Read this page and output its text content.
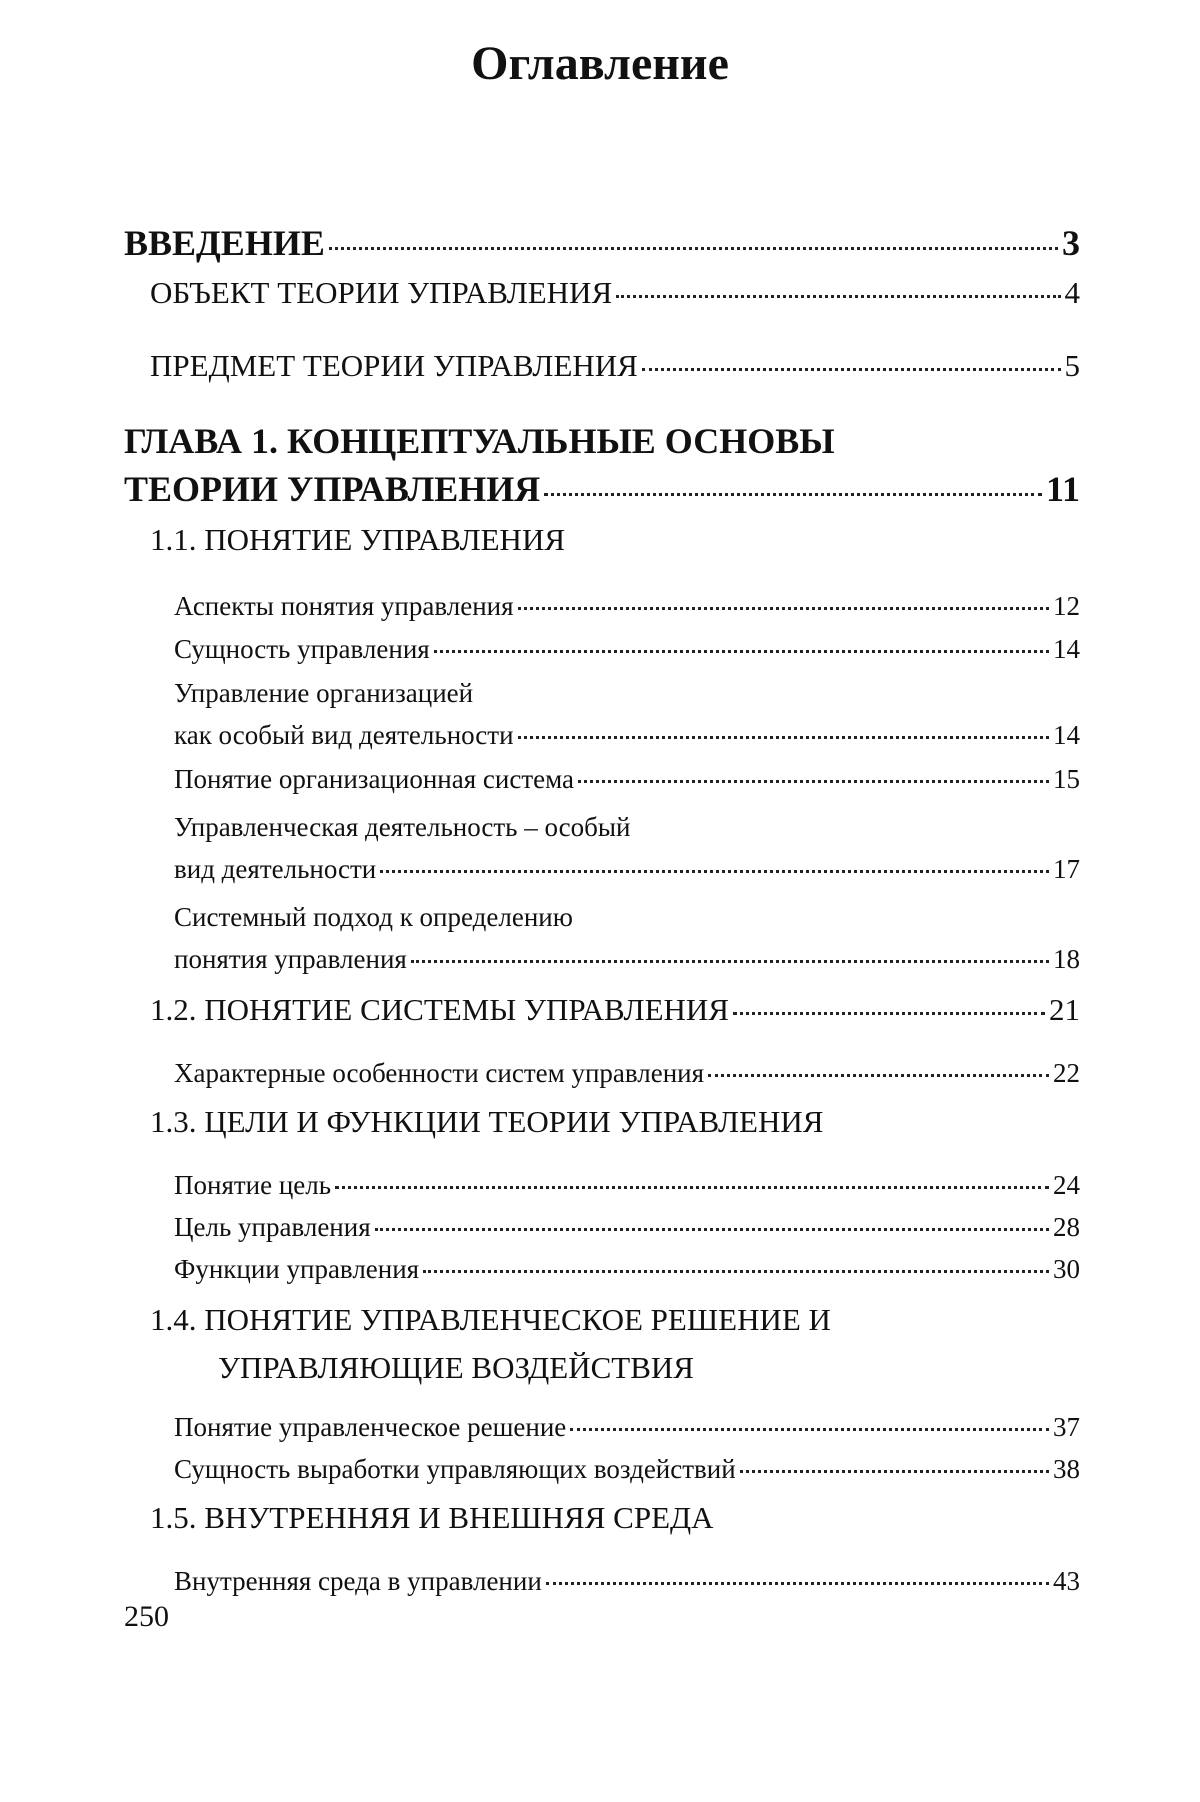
Оглавление
ВВЕДЕНИЕ	3
ОБЪЕКТ ТЕОРИИ УПРАВЛЕНИЯ	4
ПРЕДМЕТ ТЕОРИИ УПРАВЛЕНИЯ	5
ГЛАВА 1. КОНЦЕПТУАЛЬНЫЕ ОСНОВЫ
ТЕОРИИ УПРАВЛЕНИЯ	11
1.1. ПОНЯТИЕ УПРАВЛЕНИЯ
Аспекты понятия управления	12
Сущность управления	14
Управление организацией
как особый вид деятельности	14
Понятие организационная система	15
Управленческая деятельность – особый
вид деятельности	17
Системный подход к определению
понятия управления	18
1.2. ПОНЯТИЕ СИСТЕМЫ УПРАВЛЕНИЯ	21
Характерные особенности систем управления	22
1.3. ЦЕЛИ И ФУНКЦИИ ТЕОРИИ УПРАВЛЕНИЯ
Понятие цель	24
Цель управления	28
Функции управления	30
1.4. ПОНЯТИЕ УПРАВЛЕНЧЕСКОЕ РЕШЕНИЕ И
УПРАВЛЯЮЩИЕ ВОЗДЕЙСТВИЯ
Понятие управленческое решение	37
Сущность выработки управляющих воздействий	38
1.5. ВНУТРЕННЯЯ И ВНЕШНЯЯ СРЕДА
Внутренняя среда в управлении	43
250
